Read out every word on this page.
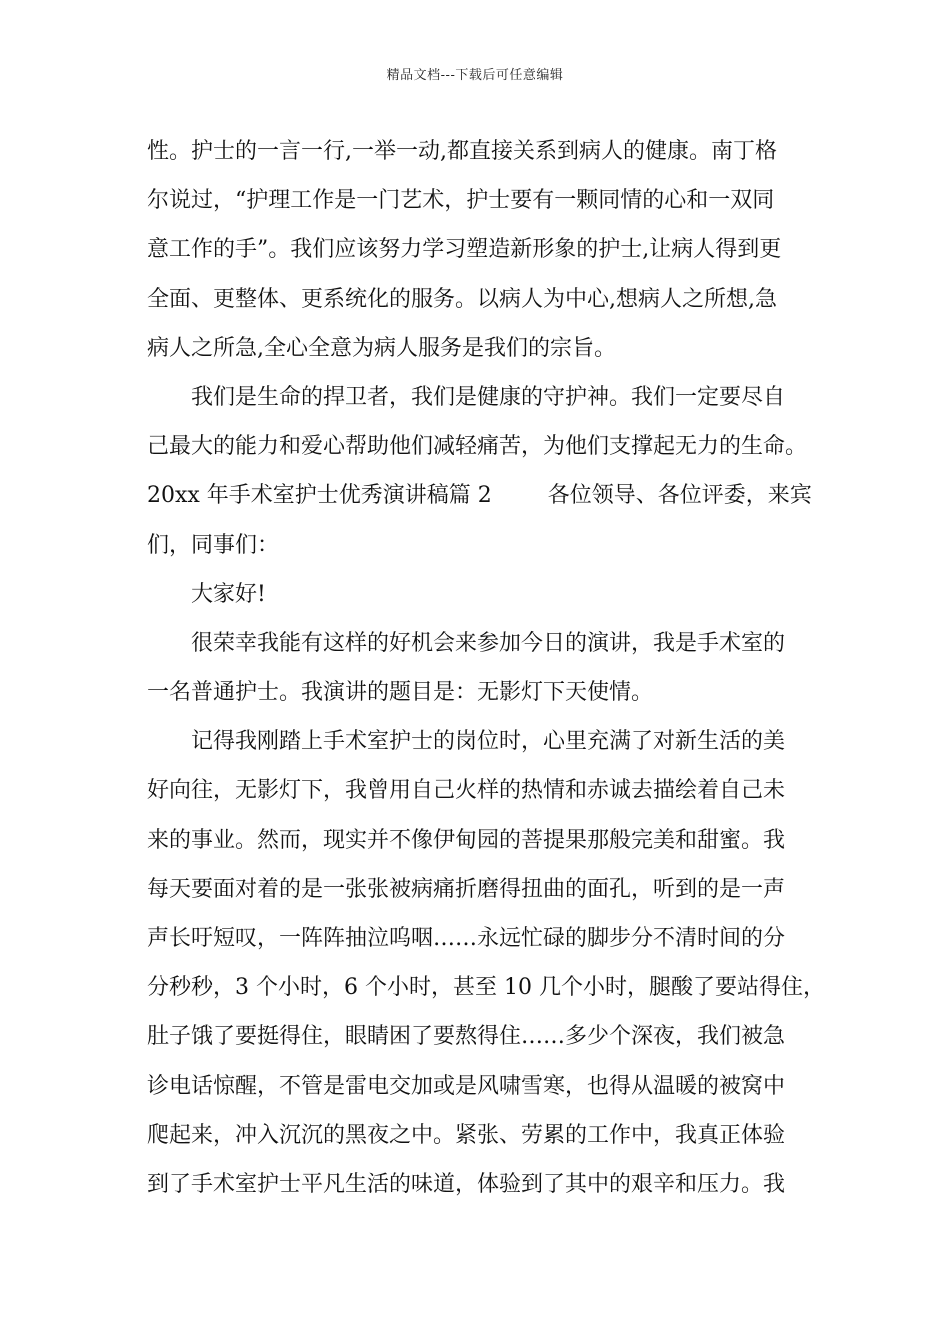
精品文档---下载后可任意编辑
性。护士的一言一行,一举一动,都直接关系到病人的健康。南丁格
尔说过，“护理工作是一门艺术，护士要有一颗同情的心和一双同
意工作的手”。我们应该努力学习塑造新形象的护士,让病人得到更
全面、更整体、更系统化的服务。以病人为中心,想病人之所想,急
病人之所急,全心全意为病人服务是我们的宗旨。
我们是生命的捍卫者，我们是健康的守护神。我们一定要尽自
己最大的能力和爱心帮助他们减轻痛苦，为他们支撑起无力的生命。
20xx 年手术室护士优秀演讲稿篇 2        各位领导、各位评委，来宾
们，同事们：
大家好!
很荣幸我能有这样的好机会来参加今日的演讲，我是手术室的
一名普通护士。我演讲的题目是：无影灯下天使情。
记得我刚踏上手术室护士的岗位时，心里充满了对新生活的美
好向往，无影灯下，我曾用自己火样的热情和赤诚去描绘着自己未
来的事业。然而，现实并不像伊甸园的菩提果那般完美和甜蜜。我
每天要面对着的是一张张被病痛折磨得扭曲的面孔，听到的是一声
声长吁短叹，一阵阵抽泣呜咽……永远忙碌的脚步分不清时间的分
分秒秒，3 个小时，6 个小时，甚至 10 几个小时，腿酸了要站得住，
肚子饿了要挺得住，眼睛困了要熬得住……多少个深夜，我们被急
诊电话惊醒，不管是雷电交加或是风啸雪寒，也得从温暖的被窝中
爬起来，冲入沉沉的黑夜之中。紧张、劳累的工作中，我真正体验
到了手术室护士平凡生活的味道，体验到了其中的艰辛和压力。我
